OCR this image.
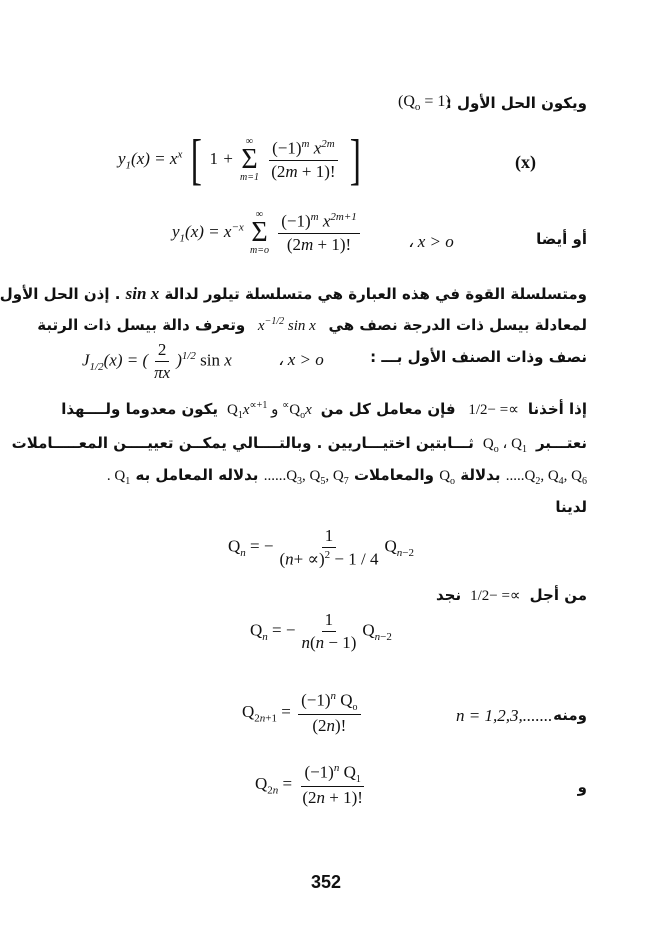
ويكون الحل الأول :
$(Q_o = 1)$
$y_1(x) = x^x$ [ 1 +
∞
Σ
m=1
$\frac{(-1)^m x^{2m}}{(2m + 1)!}$ ]	(x)
$y_1(x) = x^{-x}$
∞
Σ
m=o
$\frac{(-1)^m x^{2m+1}}{(2m + 1)!}$	، x > o	أو أيضا
ومتسلسلة القوة في هذه العبارة هي متسلسلة تيلور لدالة sin x . إذن الحل الأول
لمعادلة بيسل ذات الدرجة نصف هي   $x^{-1/2}$ sin x   وتعرف دالة بيسل ذات الرتبة
$J_{1/2}(x)$ = ( $\frac{2}{\pi x} )^{1/2}$ sin x	، x > o	نصف وذات الصنف الأول بـــ :
إذا أخذنا  ∝= −1/2   فإن معامل كل من  $Q_ox^\propto$ و $Q_1x^{\propto+1}$  يكون معدوما ولــــهذا
نعتـــبر  $Q_o$ ، $Q_1$  ثـــابتين اختيـــاريين . وبالتــــالي يمكــن تعييــــن المعـــــاملات
$Q_2$, $Q_4$, $Q_6$..... بدلالة $Q_o$ والمعاملات $Q_3$, $Q_5$, $Q_7$...... بدلاله المعامل به $Q_1$ .
لدينا
$Q_n$ = − $\frac{1}{(n+ \propto)^2 - 1 / 4} Q_{n-2}$
من أجل  ∝= −1/2  نجد
$Q_n$ = − $\frac{1}{n(n - 1)} Q_{n-2}$
$Q_{2n+1} = \frac{(-1)^n Q_o}{(2n)!}$	n = 1,2,3,....... ومنه
$Q_{2n} = \frac{(-1)^n Q_1}{(2n + 1)!}$	و
352
